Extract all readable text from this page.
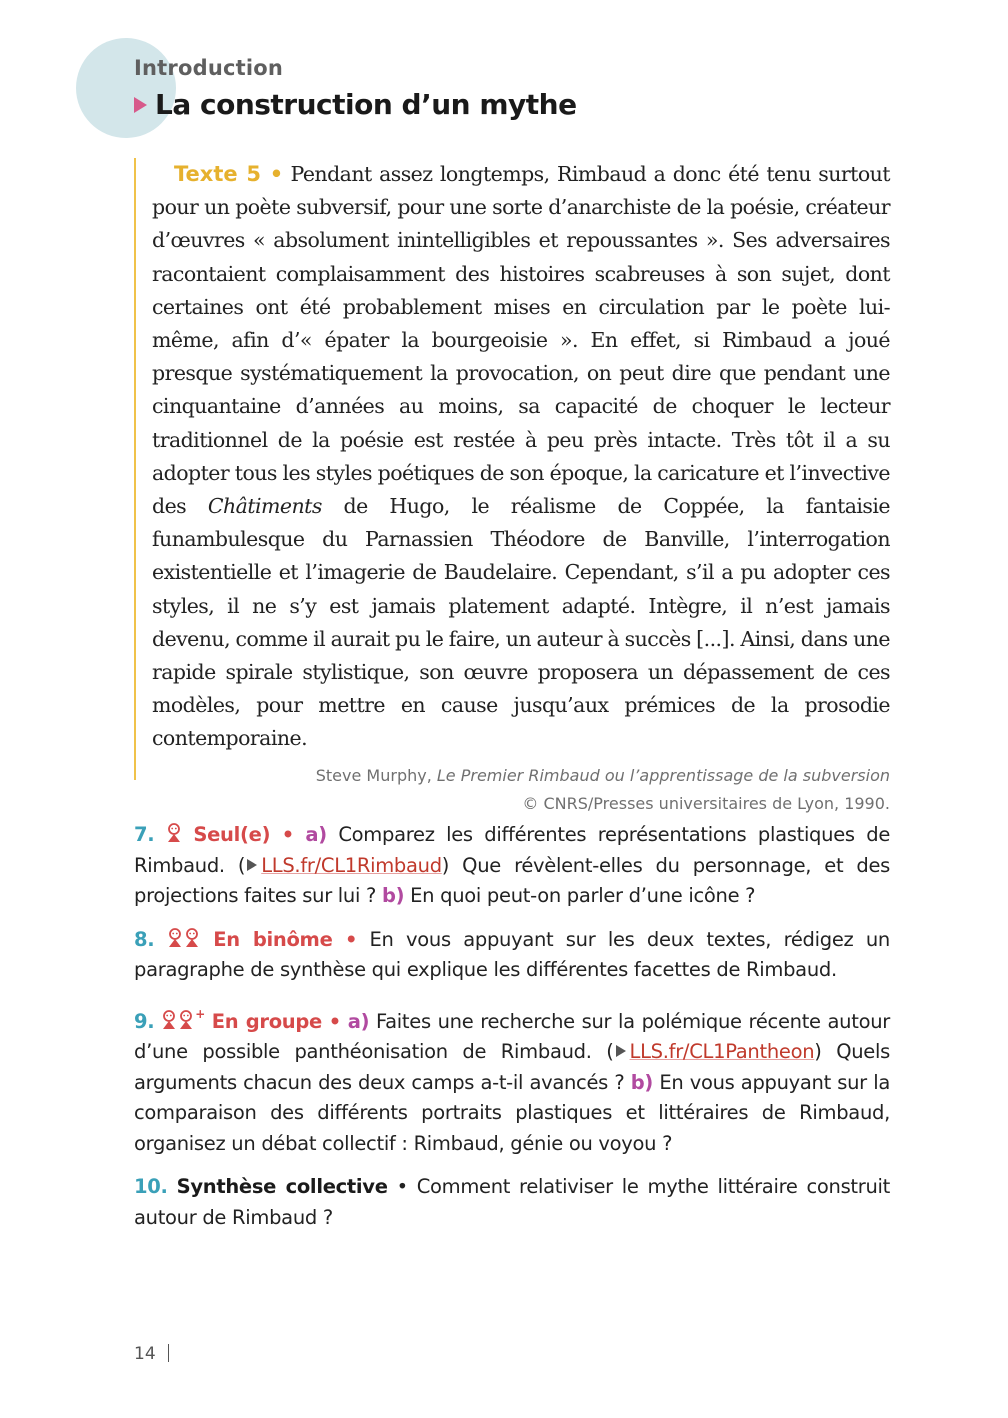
Introduction
La construction d’un mythe

Texte 5 • Pendant assez longtemps, Rimbaud a donc été tenu surtout pour un poète subversif, pour une sorte d’anarchiste de la poésie, créateur d’œuvres « absolument inintelligibles et repoussantes ». Ses adversaires racontaient complaisamment des histoires scabreuses à son sujet, dont certaines ont été probablement mises en circulation par le poète lui-même, afin d’« épater la bourgeoisie ». En effet, si Rimbaud a joué presque systématiquement la provocation, on peut dire que pendant une cinquantaine d’années au moins, sa capacité de choquer le lecteur traditionnel de la poésie est restée à peu près intacte. Très tôt il a su adopter tous les styles poétiques de son époque, la caricature et l’invective des Châtiments de Hugo, le réalisme de Coppée, la fantaisie funambulesque du Parnassien Théodore de Banville, l’interrogation existentielle et l’imagerie de Baudelaire. Cependant, s’il a pu adopter ces styles, il ne s’y est jamais platement adapté. Intègre, il n’est jamais devenu, comme il aurait pu le faire, un auteur à succès [...]. Ainsi, dans une rapide spirale stylistique, son œuvre proposera un dépassement de ces modèles, pour mettre en cause jusqu’aux prémices de la prosodie contemporaine.

Steve Murphy, Le Premier Rimbaud ou l’apprentissage de la subversion
© CNRS/Presses universitaires de Lyon, 1990.

7. Seul(e) • a) Comparez les différentes représentations plastiques de Rimbaud. ( LLS.fr/CL1Rimbaud) Que révèlent-elles du personnage, et des projections faites sur lui ? b) En quoi peut-on parler d’une icône ?

8.	En binôme • En vous appuyant sur les deux textes, rédigez un paragraphe de synthèse qui explique les différentes facettes de Rimbaud.

9.	+ En groupe • a) Faites une recherche sur la polémique récente autour d’une possible panthéonisation de Rimbaud. ( LLS.fr/CL1Pantheon) Quels arguments chacun des deux camps a-t-il avancés ? b) En vous appuyant sur la comparaison des différents portraits plastiques et littéraires de Rimbaud, organisez un débat collectif : Rimbaud, génie ou voyou ?

10. Synthèse collective • Comment relativiser le mythe littéraire construit autour de Rimbaud ?

14
